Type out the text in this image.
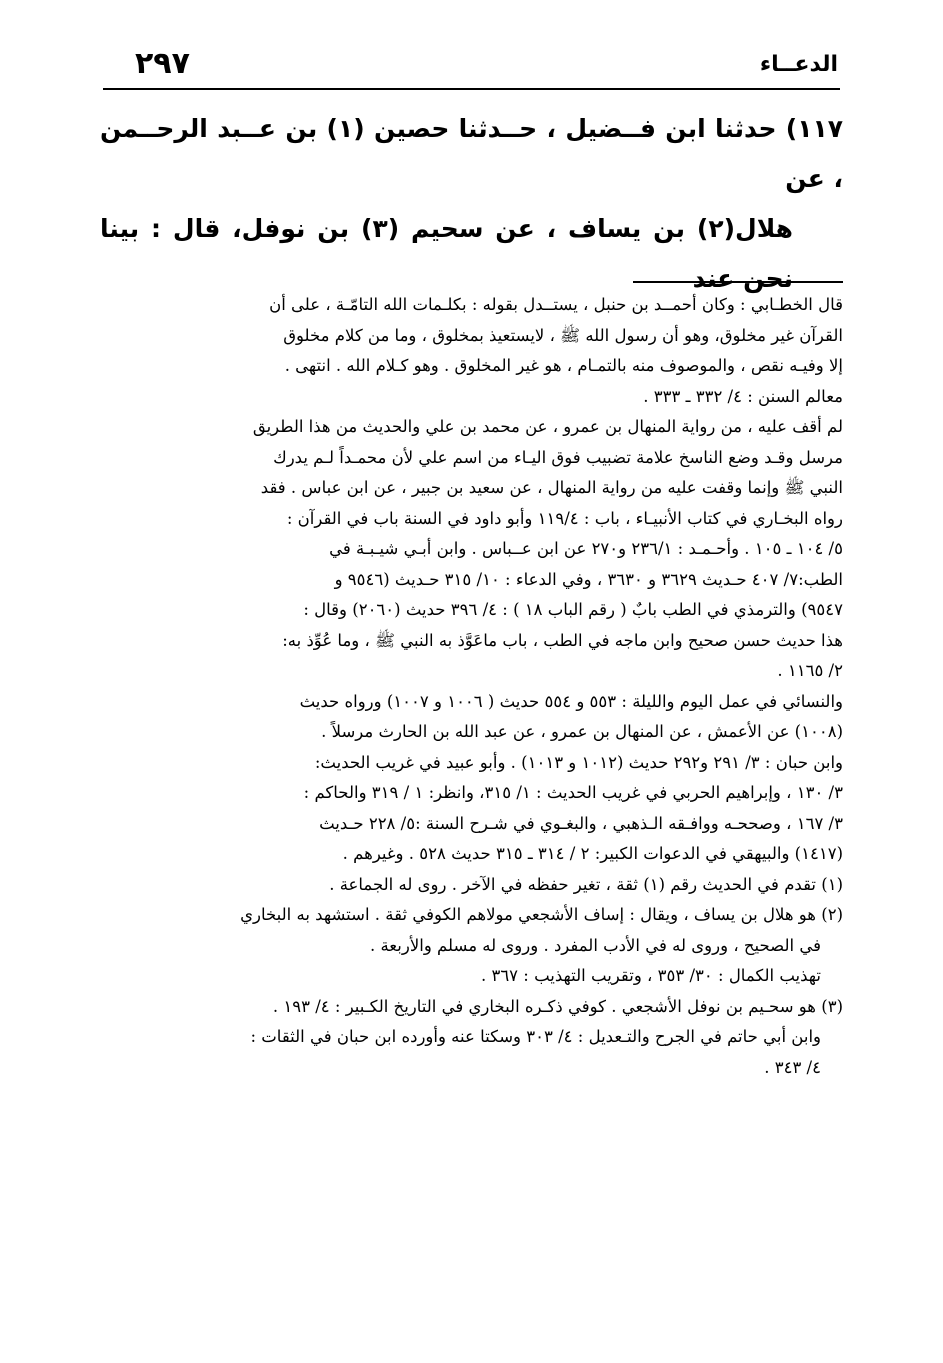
الدعــاء
٢٩٧

١١٧) حدثنا ابن فــضيل ، حــدثنا حصين (١) بن عــبد الرحــمن ، عن

هلال(٢) بن يساف ، عن سحيم (٣) بن نوفل، قال : بينا نحن عند

قال الخطـابي : وكان أحمــد بن حنبل ، يستــدل بقوله : بكلـمات الله التامّـة ، على أن

القرآن غير مخلوق، وهو أن رسول الله ﷺ ، لايستعيذ بمخلوق ، وما من كلام مخلوق

إلا وفيـه نقص ، والموصوف منه بالتمـام ، هو غير المخلوق . وهو كـلام الله . انتهى .

معالم السنن : ٤/ ٣٣٢ ـ ٣٣٣ .

لم أقف عليه ، من رواية المنهال بن عمرو ، عن محمد بن علي والحديث من هذا الطريق

مرسل وقـد وضع الناسخ علامة تضبيب فوق اليـاء من اسم علي لأن محمـداً لـم يدرك

النبي ﷺ وإنما وقفت عليه من رواية المنهال ، عن سعيد بن جبير ، عن ابن عباس . فقد

رواه البخـاري في كتاب الأنبيـاء ، باب : ١١٩/٤ وأبو داود في السنة باب في القرآن :

٥/ ١٠٤ ـ ١٠٥ . وأحـمـد : ٢٣٦/١ و٢٧٠ عن ابن عــباس . وابن أبـي شيـبـة في

الطب:٧/ ٤٠٧ حـديث ٣٦٢٩ و ٣٦٣٠ ، وفي الدعاء : ١٠/ ٣١٥ حـديث (٩٥٤٦ و

٩٥٤٧) والترمذي في الطب بابٌ ( رقم الباب ١٨ ) : ٤/ ٣٩٦ حديث (٢٠٦٠) وقال :

هذا حديث حسن صحيح وابن ماجه في الطب ، باب ماعَوَّذ به النبي ﷺ ، وما عُوِّذ به:

٢/ ١١٦٥ .

والنسائي في عمل اليوم والليلة : ٥٥٣ و ٥٥٤ حديث ( ١٠٠٦ و ١٠٠٧) ورواه حديث

(١٠٠٨) عن الأعمش ، عن المنهال بن عمرو ، عن عبد الله بن الحارث مرسلاً .

وابن حبان : ٣/ ٢٩١ و٢٩٢ حديث (١٠١٢ و ١٠١٣) . وأبو عبيد في غريب الحديث:

٣/ ١٣٠ ، وإبراهيم الحربي في غريب الحديث : ١/ ٣١٥، وانظر: ١ / ٣١٩ والحاكم :

٣/ ١٦٧ ، وصححـه ووافـقه الـذهبي ، والبغـوي في شـرح السنة :٥/ ٢٢٨ حـديث

(١٤١٧) والبيهقي في الدعوات الكبير: ٢ / ٣١٤ ـ ٣١٥ حديث ٥٢٨ . وغيرهم .

(١) تقدم في الحديث رقم (١) ثقة ، تغير حفظه في الآخر . روى له الجماعة .

(٢) هو هلال بن يساف ، ويقال : إساف الأشجعي مولاهم الكوفي ثقة . استشهد به البخاري

في الصحيح ، وروى له في الأدب المفرد . وروى له مسلم والأربعة .

تهذيب الكمال : ٣٠/ ٣٥٣ ، وتقريب التهذيب : ٣٦٧ .

(٣) هو سحـيم بن نوفل الأشجعي . كوفي ذكـره البخاري في التاريخ الكـبير : ٤/ ١٩٣ .

وابن أبي حاتم في الجرح والتـعديل : ٤/ ٣٠٣ وسكتا عنه وأورده ابن حبان في الثقات :

٤/ ٣٤٣ .
